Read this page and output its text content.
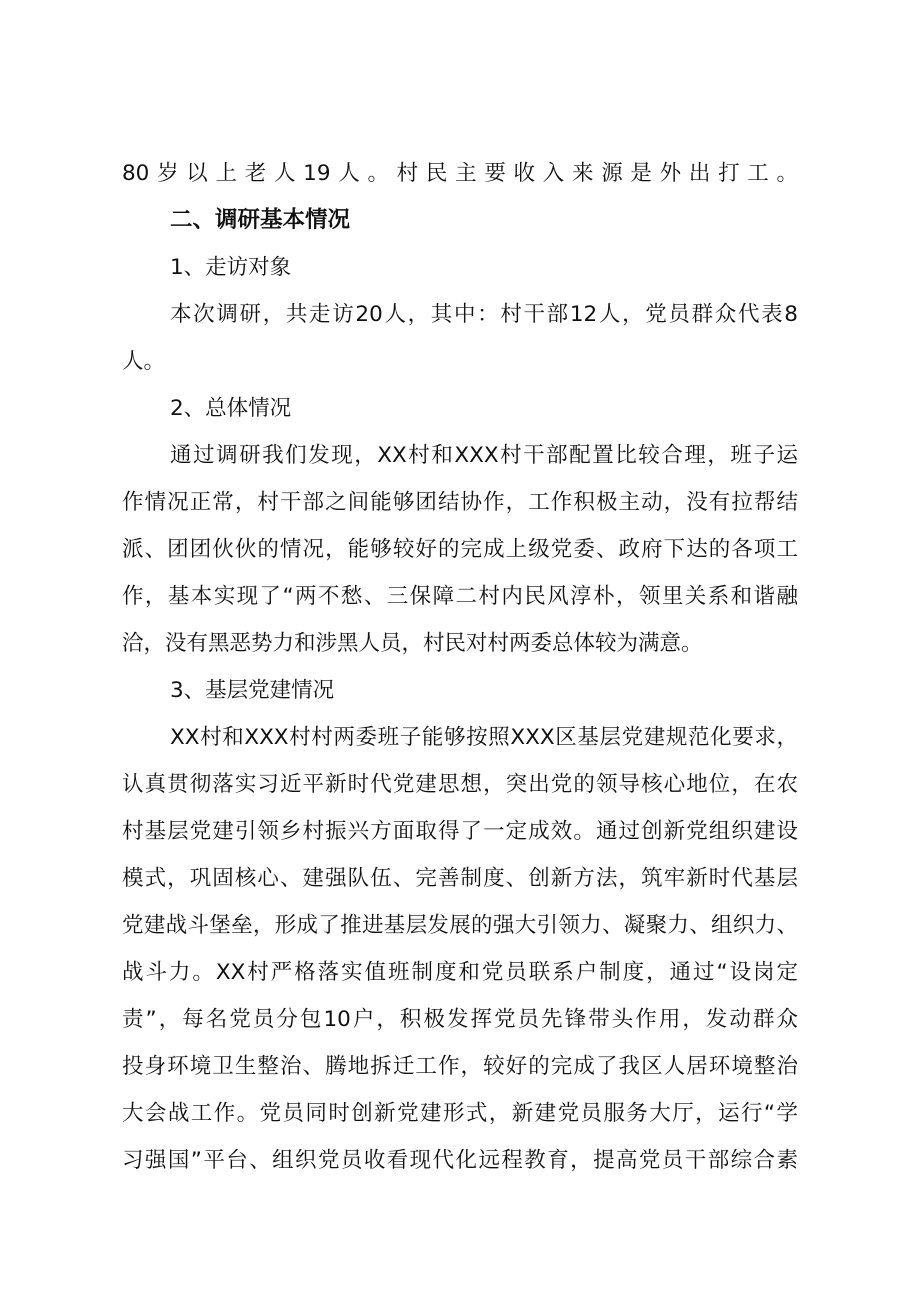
80岁以上老人19人。村民主要收入来源是外出打工。
二、调研基本情况
1、走访对象
本次调研，共走访20人，其中：村干部12人，党员群众代表8
人。
2、总体情况
通过调研我们发现，XX村和XXX村干部配置比较合理，班子运
作情况正常，村干部之间能够团结协作，工作积极主动，没有拉帮结
派、团团伙伙的情况，能够较好的完成上级党委、政府下达的各项工
作，基本实现了“两不愁、三保障二村内民风淳朴，领里关系和谐融
洽，没有黑恶势力和涉黑人员，村民对村两委总体较为满意。
3、基层党建情况
XX村和XXX村村两委班子能够按照XXX区基层党建规范化要求，
认真贯彻落实习近平新时代党建思想，突出党的领导核心地位，在农
村基层党建引领乡村振兴方面取得了一定成效。通过创新党组织建设
模式，巩固核心、建强队伍、完善制度、创新方法，筑牢新时代基层
党建战斗堡垒，形成了推进基层发展的强大引领力、凝聚力、组织力、
战斗力。XX村严格落实值班制度和党员联系户制度，通过“设岗定
责”，每名党员分包10户，积极发挥党员先锋带头作用，发动群众
投身环境卫生整治、腾地拆迁工作，较好的完成了我区人居环境整治
大会战工作。党员同时创新党建形式，新建党员服务大厅，运行“学
习强国”平台、组织党员收看现代化远程教育，提高党员干部综合素
